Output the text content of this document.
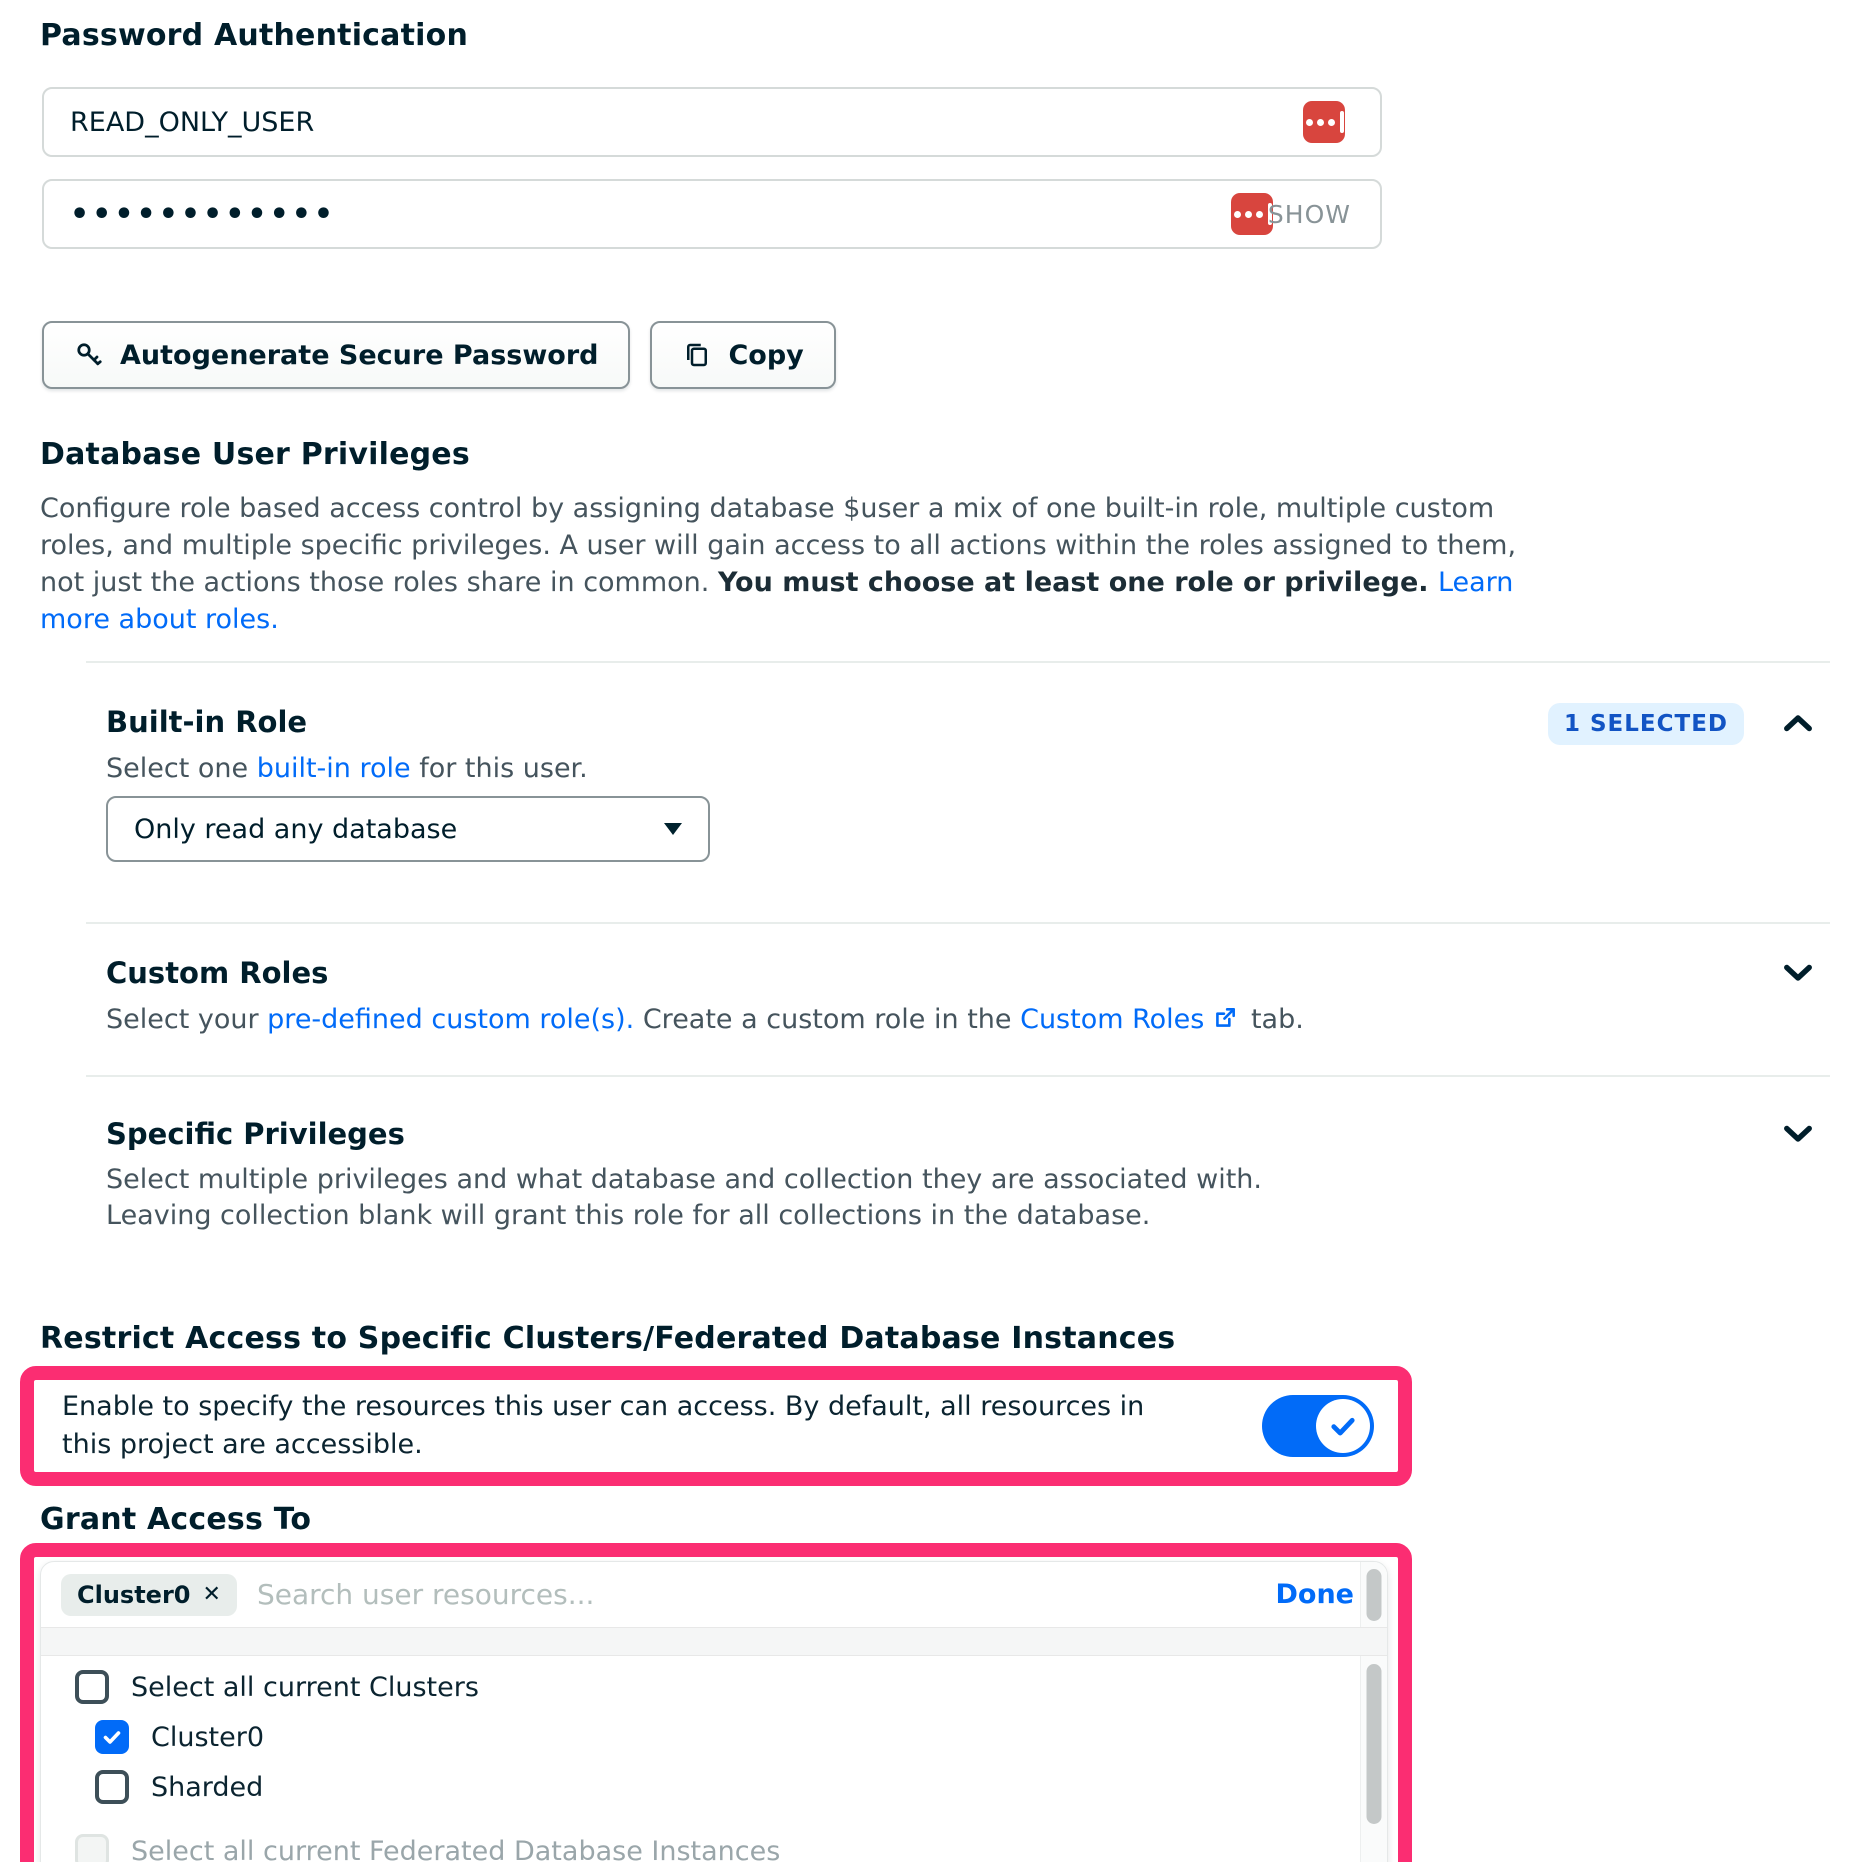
Password Authentication
READ_ONLY_USER
••••••••••••	SHOW
Autogenerate Secure Password	Copy
Database User Privileges

Configure role based access control by assigning database $user a mix of one built-in role, multiple custom roles, and multiple specific privileges. A user will gain access to all actions within the roles assigned to them, not just the actions those roles share in common. You must choose at least one role or privilege. Learn more about roles.

Built-in Role
Select one built-in role for this user.
1 SELECTED
Only read any database
Custom Roles
Select your pre-defined custom role(s). Create a custom role in the Custom Roles tab.
Specific Privileges
Select multiple privileges and what database and collection they are associated with.
Leaving collection blank will grant this role for all collections in the database.
Restrict Access to Specific Clusters/Federated Database Instances
Enable to specify the resources this user can access. By default, all resources in this project are accessible.
Grant Access To
Cluster0 ✕
Search user resources...	Done
Select all current Clusters
Cluster0
Sharded
Select all current Federated Database Instances
